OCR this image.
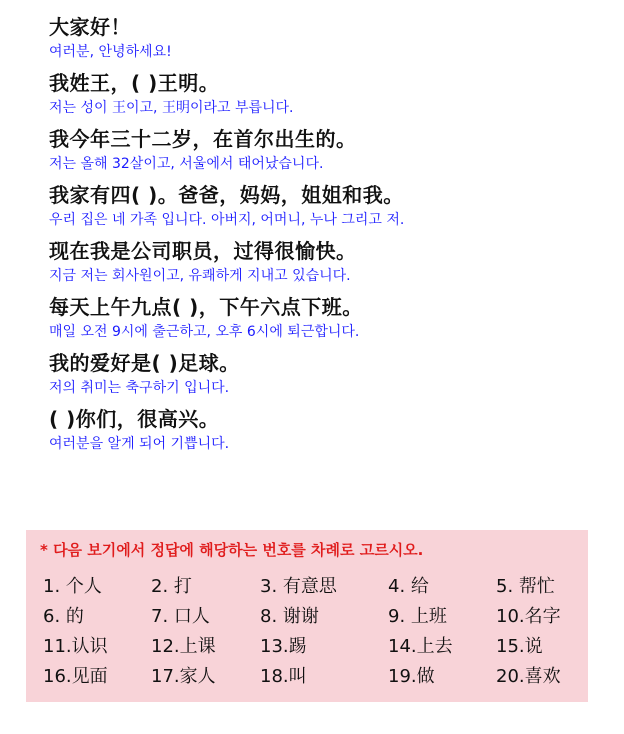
大家好！
여러분, 안녕하세요!
我姓王，( )王明。
저는 성이 王이고, 王明이라고 부릅니다.
我今年三十二岁，在首尔出生的。
저는 올해 32살이고, 서울에서 태어났습니다.
我家有四( )。爸爸，妈妈，姐姐和我。
우리 집은 네 가족 입니다. 아버지, 어머니, 누나 그리고 저.
现在我是公司职员，过得很愉快。
지금 저는 회사원이고, 유쾌하게 지내고 있습니다.
每天上午九点( )，下午六点下班。
매일 오전 9시에 출근하고, 오후 6시에 퇴근합니다.
我的爱好是( )足球。
저의 취미는 축구하기 입니다.
( )你们，很高兴。
여러분을 알게 되어 기쁩니다.
* 다음 보기에서 정답에 해당하는 번호를 차례로 고르시오.
1. 个人	2. 打	3. 有意思	4. 给	5. 帮忙
6. 的	7. 口人	8. 谢谢	9. 上班	10.名字
11.认识	12.上课	13.踢	14.上去	15.说
16.见面	17.家人	18.叫	19.做	20.喜欢
